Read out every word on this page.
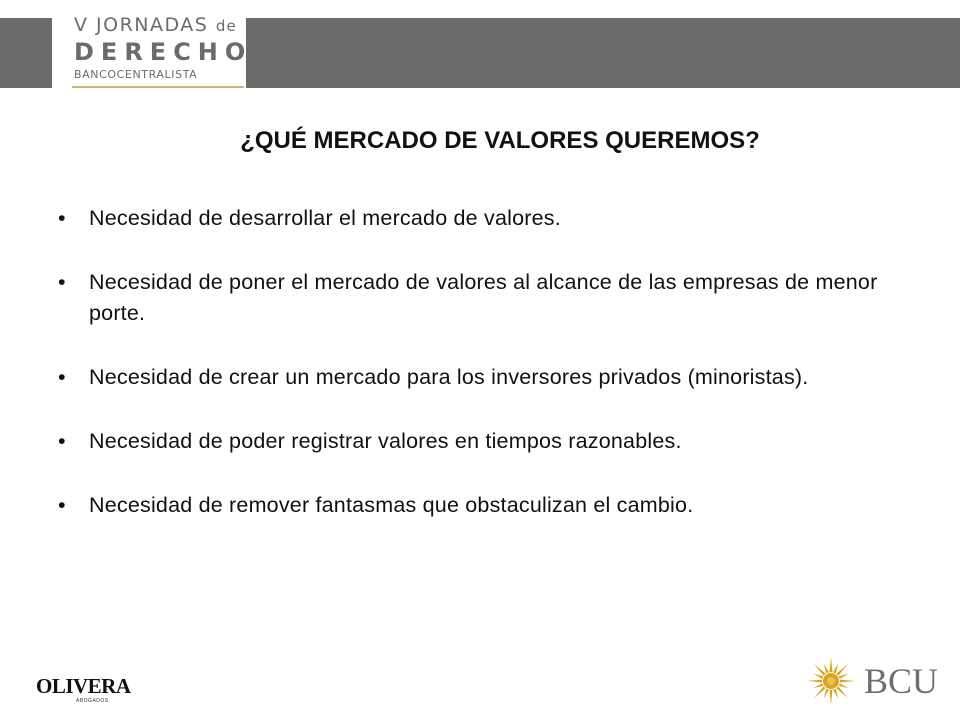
V JORNADAS de
DERECHO
BANCOCENTRALISTA
¿QUÉ MERCADO DE VALORES QUEREMOS?
• Necesidad de desarrollar el mercado de valores.
• Necesidad de poner el mercado de valores al alcance de las empresas de menor porte.
• Necesidad de crear un mercado para los inversores privados (minoristas).
• Necesidad de poder registrar valores en tiempos razonables.
• Necesidad de remover fantasmas que obstaculizan el cambio.
OLIVERA
ABOGADOS	BCU
